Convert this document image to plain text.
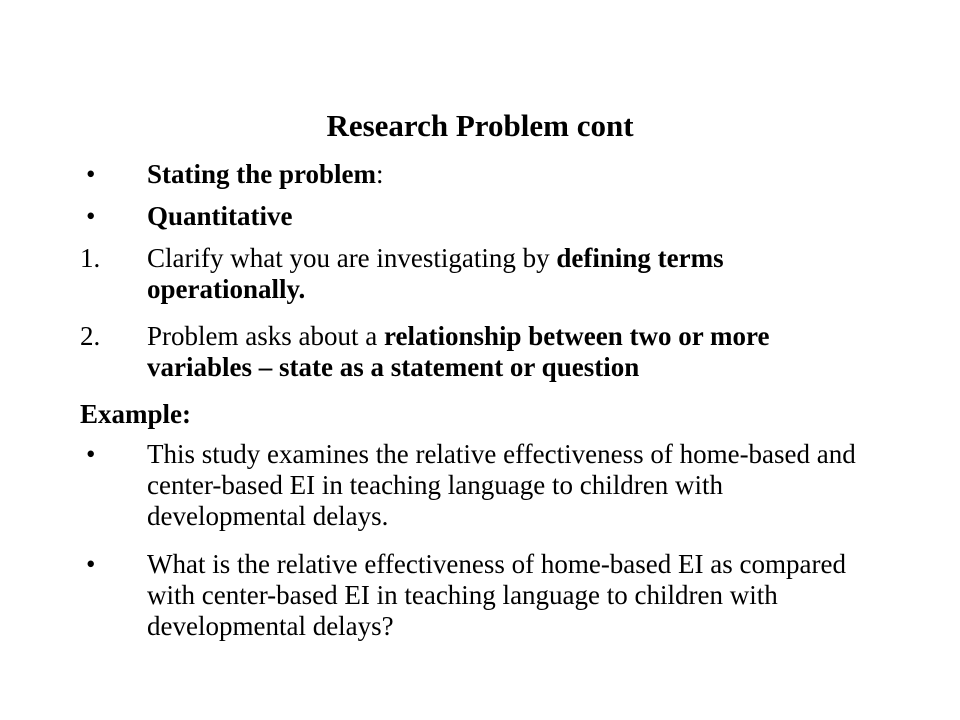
Research Problem cont
•	Stating the problem:
•	Quantitative
1.	Clarify what you are investigating by defining terms operationally.
2.	Problem asks about a relationship between two or more variables – state as a statement or question
Example:
•	This study examines the relative effectiveness of home-based and center-based EI in teaching language to children with developmental delays.
•	What is the relative effectiveness of home-based EI as compared with center-based EI in teaching language to children with developmental delays?
